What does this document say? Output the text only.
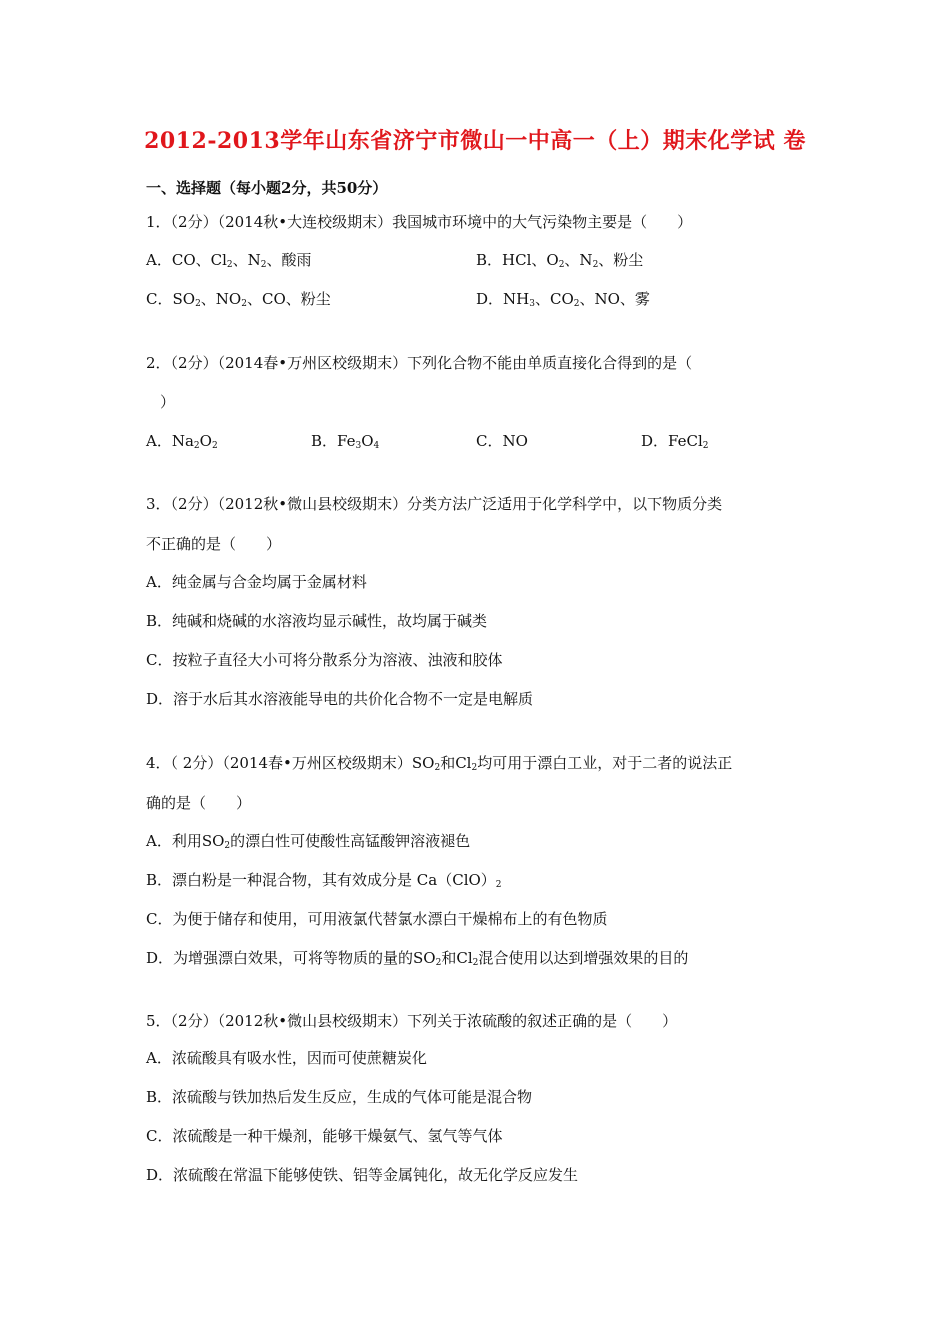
2012-2013学年山东省济宁市微山一中高一（上）期末化学试 卷
一、选择题（每小题2分，共50分）
1．（2分）（2014秋•大连校级期末）我国城市环境中的大气污染物主要是（　　）
A．CO、$Cl_2$、$N_2$、酸雨	B．HCl、$O_2$、$N_2$、粉尘
C．$SO_2$、$NO_2$、CO、粉尘	D．$NH_3$、$CO_2$、NO、雾
2．（2分）（2014春•万州区校级期末）下列化合物不能由单质直接化合得到的是（
）
A．$Na_2O_2$	B．$Fe_3O_4$	C．NO	D．FeCl$_2$
3．（2分）（2012秋•微山县校级期末）分类方法广泛适用于化学科学中，以下物质分类
不正确的是（　　）
A．纯金属与合金均属于金属材料
B．纯碱和烧碱的水溶液均显示碱性，故均属于碱类
C．按粒子直径大小可将分散系分为溶液、浊液和胶体
D．溶于水后其水溶液能导电的共价化合物不一定是电解质
4．（ 2分）（2014春•万州区校级期末）$SO_2$和$Cl_2$均可用于漂白工业，对于二者的说法正
确的是（　　）
A．利用$SO_2$的漂白性可使酸性高锰酸钾溶液褪色
B．漂白粉是一种混合物，其有效成分是 $Ca(ClO)_2$
C．为便于储存和使用，可用液氯代替氯水漂白干燥棉布上的有色物质
D．为增强漂白效果，可将等物质的量的$SO_2$和$Cl_2$混合使用以达到增强效果的目的
5．（2分）（2012秋•微山县校级期末）下列关于浓硫酸的叙述正确的是（　　）
A．浓硫酸具有吸水性，因而可使蔗糖炭化
B．浓硫酸与铁加热后发生反应，生成的气体可能是混合物
C．浓硫酸是一种干燥剂，能够干燥氨气、氢气等气体
D．浓硫酸在常温下能够使铁、铝等金属钝化，故无化学反应发生
